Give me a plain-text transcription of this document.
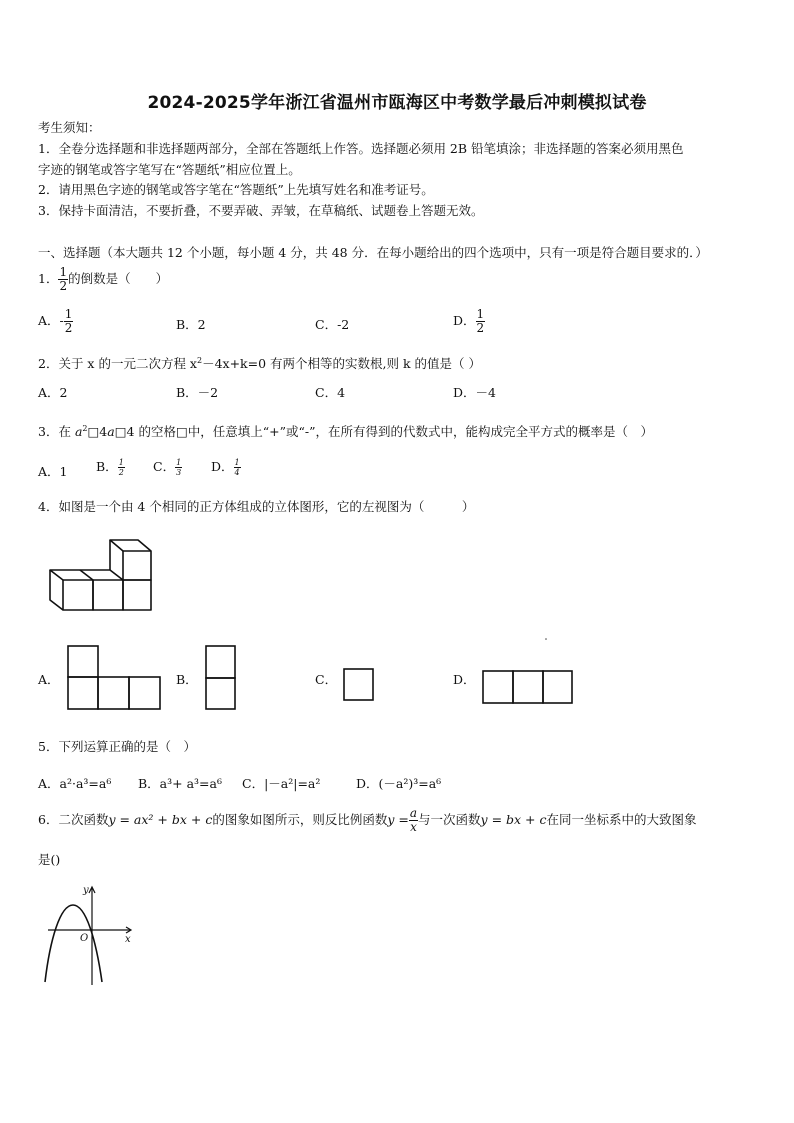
2024-2025学年浙江省温州市瓯海区中考数学最后冲刺模拟试卷
考生须知：
1．全卷分选择题和非选择题两部分，全部在答题纸上作答。选择题必须用 2B 铅笔填涂；非选择题的答案必须用黑色
字迹的钢笔或答字笔写在“答题纸”相应位置上。
2．请用黑色字迹的钢笔或答字笔在“答题纸”上先填写姓名和准考证号。
3．保持卡面清洁，不要折叠，不要弄破、弄皱，在草稿纸、试题卷上答题无效。
一、选择题（本大题共 12 个小题，每小题 4 分，共 48 分．在每小题给出的四个选项中，只有一项是符合题目要求的．）
1． $\frac{1}{2}$ 的倒数是（　　）
A．- $\frac{1}{2}$	B．2	C．-2	D． $\frac{1}{2}$
2．关于 x 的一元二次方程 $x^2-4x+k=0$ 有两个相等的实数根,则 k 的值是（ ）
A．2	B．－2	C．4	D．－4
3．在 $a^2□4a□4$ 的空格□中，任意填上“+”或“-”，在所有得到的代数式中，能构成完全平方式的概率是（　）
A．1 B． $\frac{1}{2}$ C． $\frac{1}{3}$ D． $\frac{1}{4}$
4．如图是一个由 4 个相同的正方体组成的立体图形，它的左视图为（　　　）
A．	B．	C．	D．
5．下列运算正确的是（　）
A．a²·a³=a⁶ B．a³+ a³=a⁶ C．|－a²|=a²	D．(－a²)³=a⁶
6．二次函数y = ax² + bx + c的图象如图所示，则反比例函数$y = \frac{a}{x}$ 与一次函数y = bx + c在同一坐标系中的大致图象
是()
y
x
O
